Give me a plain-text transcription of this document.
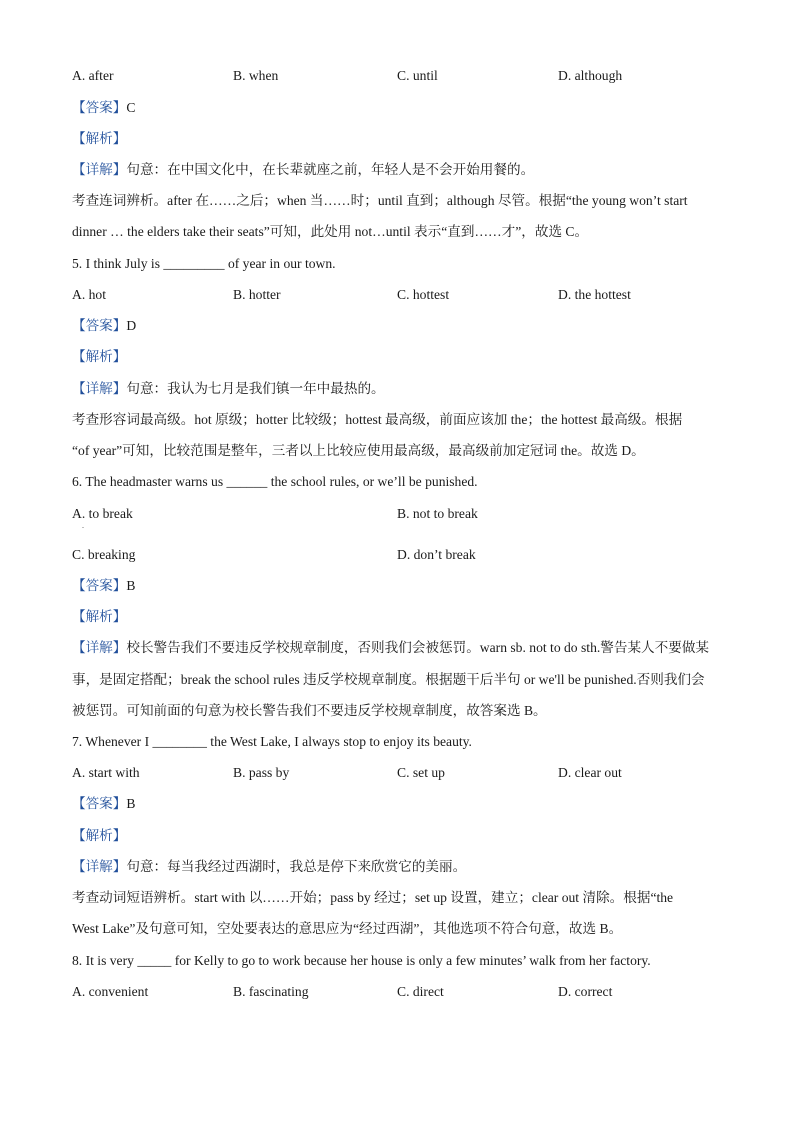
A. after	B. when	C. until	D. although
【答案】C
【解析】
【详解】句意：在中国文化中，在长辈就座之前，年轻人是不会开始用餐的。
考查连词辨析。after 在……之后；when 当……时；until 直到；although 尽管。根据“the young won’t start
dinner … the elders take their seats”可知，此处用 not…until 表示“直到……才”，故选 C。
5. I think July is _________ of year in our town.
A. hot	B. hotter	C. hottest	D. the hottest
【答案】D
【解析】
【详解】句意：我认为七月是我们镇一年中最热的。
考查形容词最高级。hot 原级；hotter 比较级；hottest 最高级，前面应该加 the；the hottest 最高级。根据
“of year”可知，比较范围是整年，三者以上比较应使用最高级，最高级前加定冠词 the。故选 D。
6. The headmaster warns us ______ the school rules, or we’ll be punished.
A. to break	B. not to break
.
C. breaking	D. don’t break
【答案】B
【解析】
【详解】校长警告我们不要违反学校规章制度，否则我们会被惩罚。warn sb. not to do sth.警告某人不要做某
事，是固定搭配；break the school rules 违反学校规章制度。根据题干后半句 or we'll be punished.否则我们会
被惩罚。可知前面的句意为校长警告我们不要违反学校规章制度，故答案选 B。
7. Whenever I ________ the West Lake, I always stop to enjoy its beauty.
A. start with	B. pass by	C. set up	D. clear out
【答案】B
【解析】
【详解】句意：每当我经过西湖时，我总是停下来欣赏它的美丽。
考查动词短语辨析。start with 以……开始；pass by 经过；set up 设置，建立；clear out 清除。根据“the
West Lake”及句意可知，空处要表达的意思应为“经过西湖”，其他选项不符合句意，故选 B。
8. It is very _____ for Kelly to go to work because her house is only a few minutes’ walk from her factory.
A. convenient	B. fascinating	C. direct	D. correct
